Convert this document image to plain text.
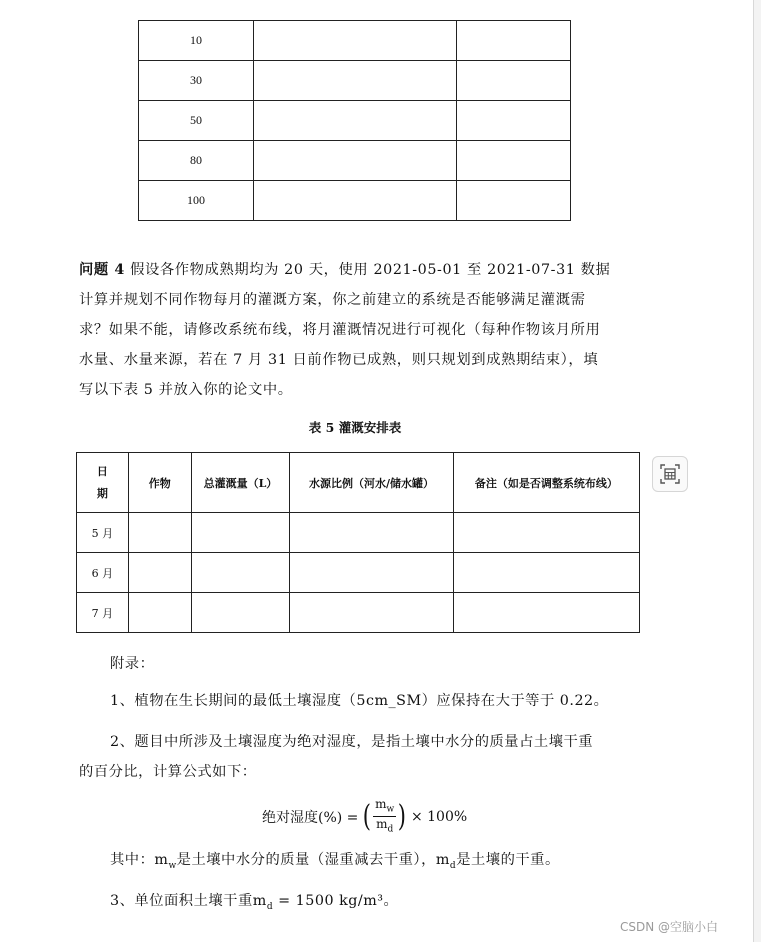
10		
30		
50		
80		
100		
问题 4 假设各作物成熟期均为 20 天，使用 2021-05-01 至 2021-07-31 数据
计算并规划不同作物每月的灌溉方案，你之前建立的系统是否能够满足灌溉需
求？如果不能，请修改系统布线，将月灌溉情况进行可视化（每种作物该月所用
水量、水量来源，若在 7 月 31 日前作物已成熟，则只规划到成熟期结束），填
写以下表 5 并放入你的论文中。
表 5 灌溉安排表
日
期	作物	总灌溉量（L）	水源比例（河水/储水罐）	备注（如是否调整系统布线）
5 月				
6 月				
7 月				
附录：
1、植物在生长期间的最低土壤湿度（5cm_SM）应保持在大于等于 0.22。
2、题目中所涉及土壤湿度为绝对湿度，是指土壤中水分的质量占土壤干重
的百分比，计算公式如下：
绝对湿度(%) = ( $\frac{m_w}{m_d}$ ) × 100%
其中：$m_w$是土壤中水分的质量（湿重减去干重），$m_d$是土壤的干重。
3、单位面积土壤干重$m_d = 1500$ kg/m³。
CSDN @空脑小白
